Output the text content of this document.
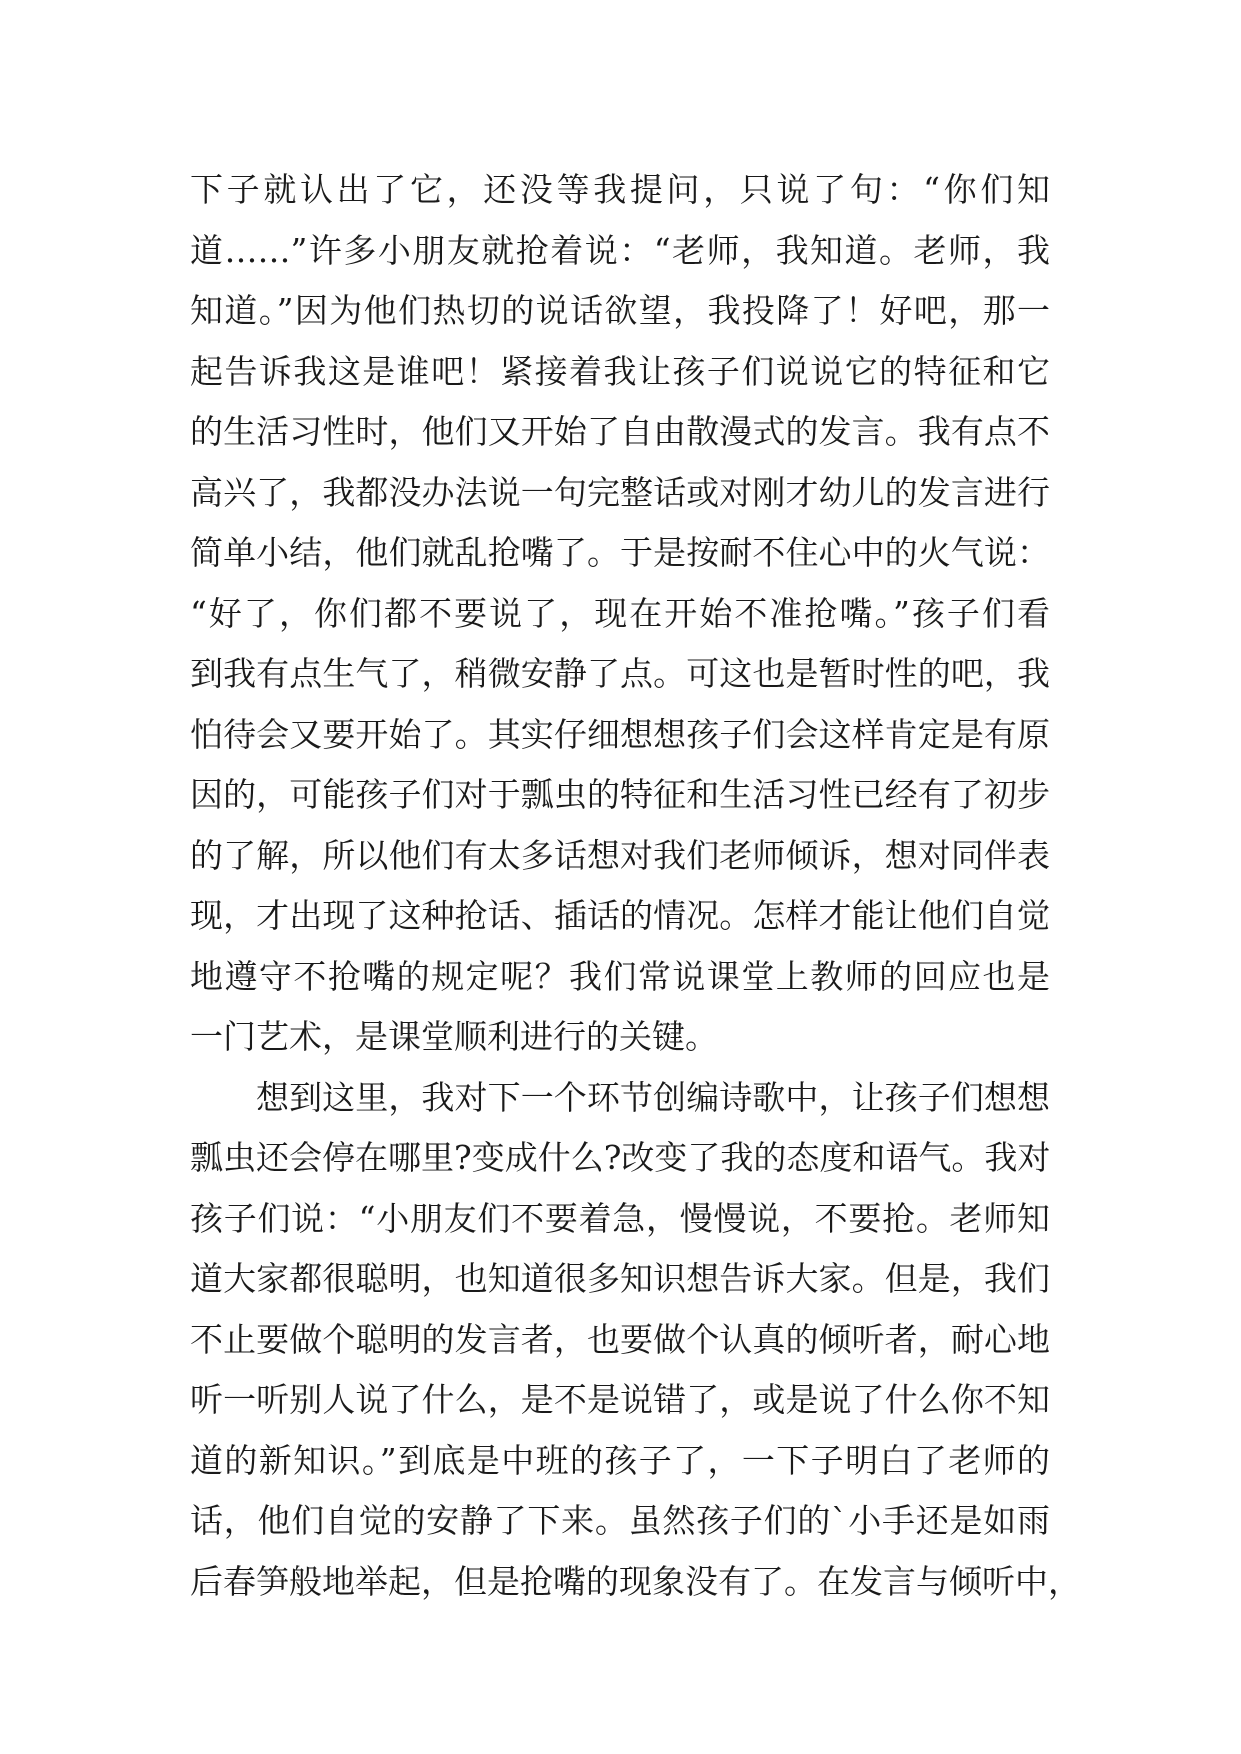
下子就认出了它，还没等我提问，只说了句：“你们知
道……”许多小朋友就抢着说：“老师，我知道。老师，我
知道。”因为他们热切的说话欲望，我投降了！好吧，那一
起告诉我这是谁吧！紧接着我让孩子们说说它的特征和它
的生活习性时，他们又开始了自由散漫式的发言。我有点不
高兴了，我都没办法说一句完整话或对刚才幼儿的发言进行
简单小结，他们就乱抢嘴了。于是按耐不住心中的火气说：
“好了，你们都不要说了，现在开始不准抢嘴。”孩子们看
到我有点生气了，稍微安静了点。可这也是暂时性的吧，我
怕待会又要开始了。其实仔细想想孩子们会这样肯定是有原
因的，可能孩子们对于瓢虫的特征和生活习性已经有了初步
的了解，所以他们有太多话想对我们老师倾诉，想对同伴表
现，才出现了这种抢话、插话的情况。怎样才能让他们自觉
地遵守不抢嘴的规定呢？我们常说课堂上教师的回应也是
一门艺术，是课堂顺利进行的关键。
想到这里，我对下一个环节创编诗歌中，让孩子们想想
瓢虫还会停在哪里?变成什么?改变了我的态度和语气。我对
孩子们说：“小朋友们不要着急，慢慢说，不要抢。老师知
道大家都很聪明，也知道很多知识想告诉大家。但是，我们
不止要做个聪明的发言者，也要做个认真的倾听者，耐心地
听一听别人说了什么，是不是说错了，或是说了什么你不知
道的新知识。”到底是中班的孩子了，一下子明白了老师的
话，他们自觉的安静了下来。虽然孩子们的`小手还是如雨
后春笋般地举起，但是抢嘴的现象没有了。在发言与倾听中，
